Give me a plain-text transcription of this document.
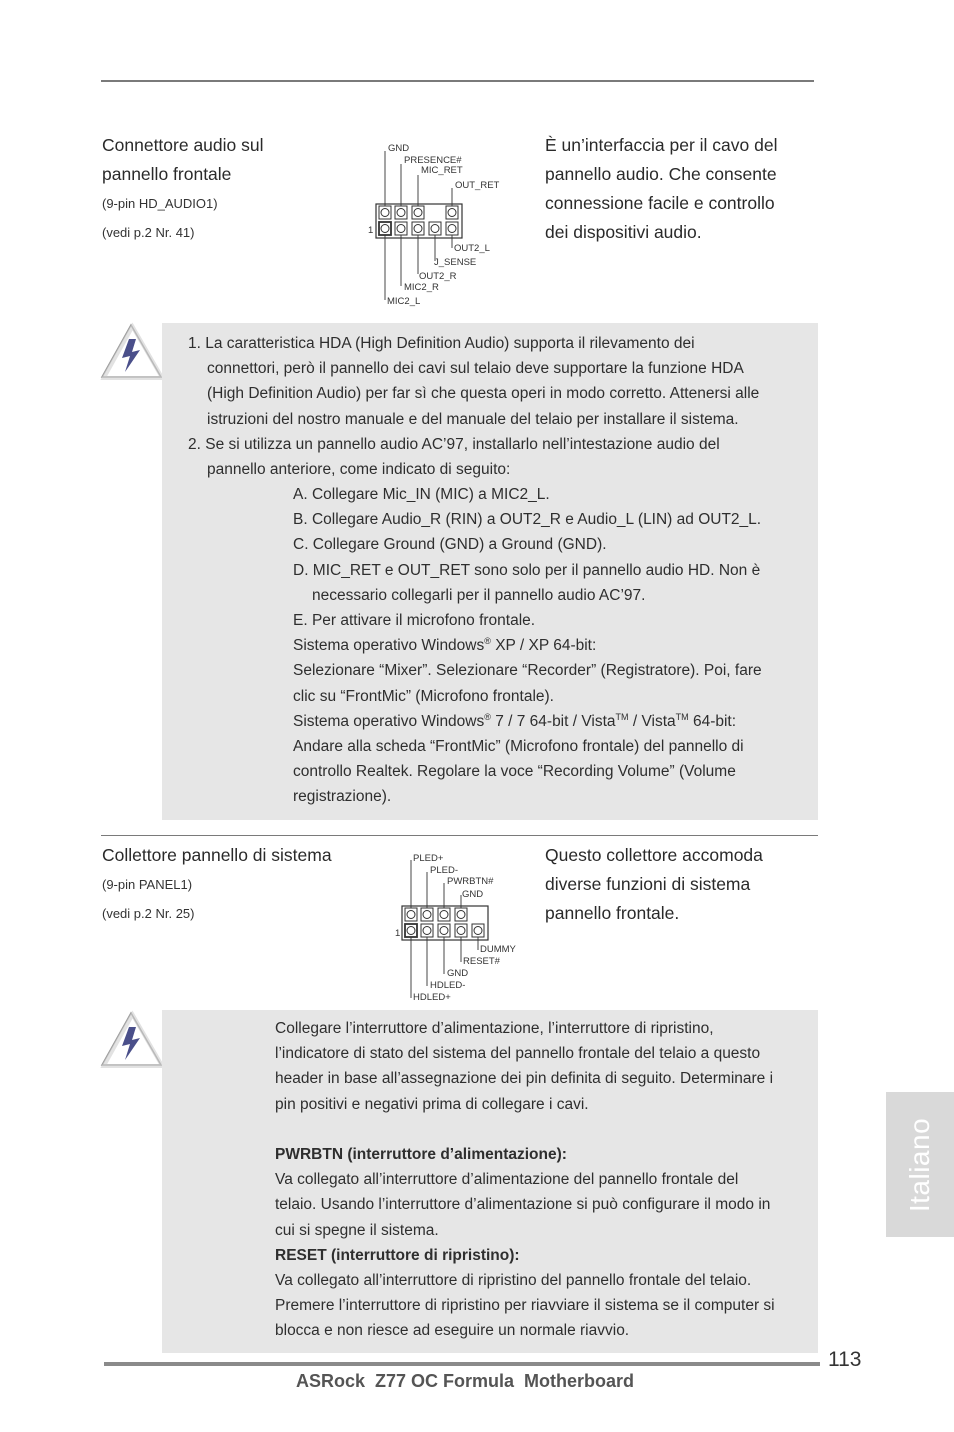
Connettore audio sul
pannello frontale
(9-pin HD_AUDIO1)
(vedi p.2 Nr. 41)
È un’interfaccia per il cavo del
pannello audio. Che consente
connessione facile e controllo
dei dispositivi audio.
1
GND
PRESENCE#
MIC_RET
OUT_RET
OUT2_L
J_SENSE
OUT2_R
MIC2_R
MIC2_L

1. La caratteristica HDA (High Definition Audio) supporta il rilevamento dei

connettori, però il pannello dei cavi sul telaio deve supportare la funzione HDA

(High Definition Audio) per far sì che questa operi in modo corretto. Attenersi alle

istruzioni del nostro manuale e del manuale del telaio per installare il sistema.

2. Se si utilizza un pannello audio AC’97, installarlo nell’intestazione audio del

pannello anteriore, come indicato di seguito:

A. Collegare Mic_IN (MIC) a MIC2_L.

B. Collegare Audio_R (RIN) a OUT2_R e Audio_L (LIN) ad OUT2_L.

C. Collegare Ground (GND) a Ground (GND).

D. MIC_RET e OUT_RET sono solo per il pannello audio HD. Non è

necessario collegarli per il pannello audio AC’97.

E. Per attivare il microfono frontale.

Sistema operativo Windows® XP / XP 64-bit:

Selezionare “Mixer”. Selezionare “Recorder” (Registratore). Poi, fare

clic su “FrontMic” (Microfono frontale).

Sistema operativo Windows® 7 / 7 64-bit / Vista™ / Vista™ 64-bit:

Andare alla scheda “FrontMic” (Microfono frontale) del pannello di

controllo Realtek. Regolare la voce “Recording Volume” (Volume

registrazione).

Collettore pannello di sistema
(9-pin PANEL1)
(vedi p.2 Nr. 25)
Questo collettore accomoda
diverse funzioni di sistema
pannello frontale.
1
PLED+
PLED-
PWRBTN#
GND
DUMMY
RESET#
GND
HDLED-
HDLED+

Collegare l’interruttore d’alimentazione, l’interruttore di ripristino,

l’indicatore di stato del sistema del pannello frontale del telaio a questo

header in base all’assegnazione dei pin definita di seguito. Determinare i

pin positivi e negativi prima di collegare i cavi.

PWRBTN (interruttore d’alimentazione):

Va collegato all’interruttore d’alimentazione del pannello frontale del

telaio. Usando l’interruttore d’alimentazione si può configurare il modo in

cui si spegne il sistema.

RESET (interruttore di ripristino):

Va collegato all’interruttore di ripristino del pannello frontale del telaio.

Premere l’interruttore di ripristino per riavviare il sistema se il computer si

blocca e non riesce ad eseguire un normale riavvio.

Italiano
113
ASRock  Z77 OC Formula  Motherboard
